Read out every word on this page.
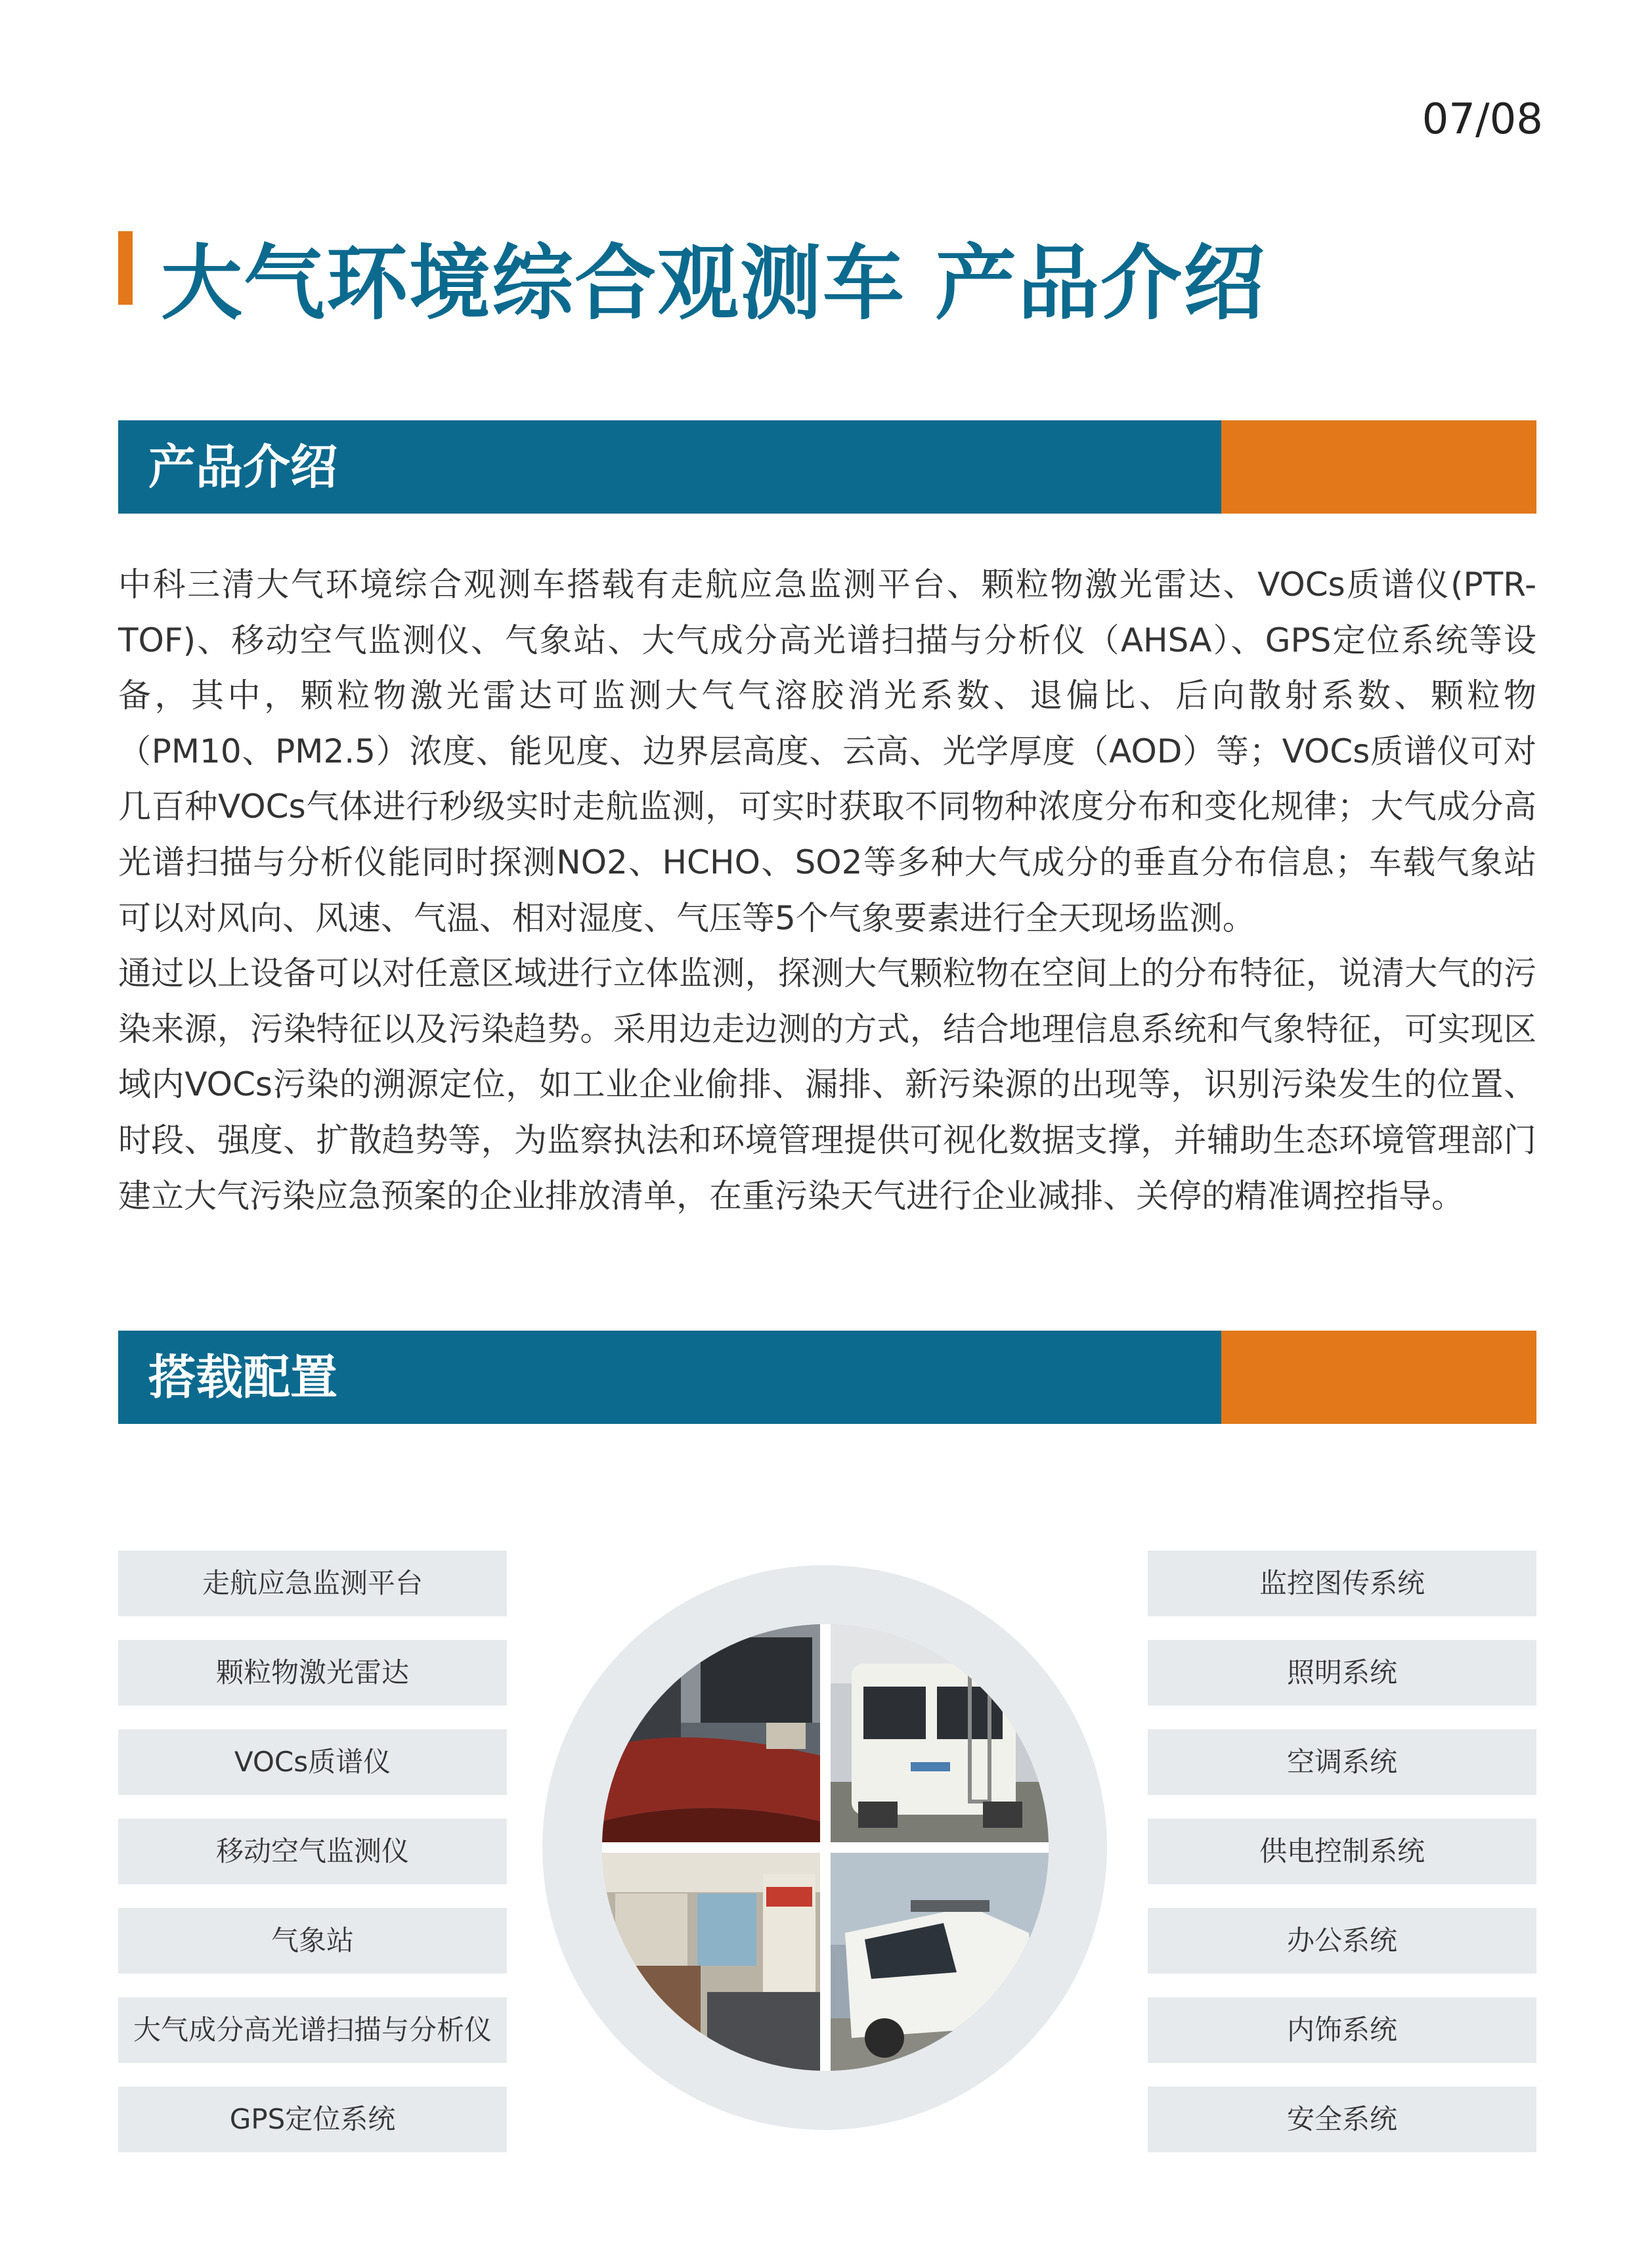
07/08
大气环境综合观测车 产品介绍
产品介绍

中科三清大气环境综合观测车搭载有走航应急监测平台、颗粒物激光雷达、VOCs质谱仪(PTR-TOF)、移动空气监测仪、气象站、大气成分高光谱扫描与分析仪（AHSA）、GPS定位系统等设备，其中，颗粒物激光雷达可监测大气气溶胶消光系数、退偏比、后向散射系数、颗粒物（PM10、PM2.5）浓度、能见度、边界层高度、云高、光学厚度（AOD）等；VOCs质谱仪可对几百种VOCs气体进行秒级实时走航监测，可实时获取不同物种浓度分布和变化规律；大气成分高光谱扫描与分析仪能同时探测NO2、HCHO、SO2等多种大气成分的垂直分布信息；车载气象站可以对风向、风速、气温、相对湿度、气压等5个气象要素进行全天现场监测。

通过以上设备可以对任意区域进行立体监测，探测大气颗粒物在空间上的分布特征，说清大气的污染来源，污染特征以及污染趋势。采用边走边测的方式，结合地理信息系统和气象特征，可实现区域内VOCs污染的溯源定位，如工业企业偷排、漏排、新污染源的出现等，识别污染发生的位置、时段、强度、扩散趋势等，为监察执法和环境管理提供可视化数据支撑，并辅助生态环境管理部门建立大气污染应急预案的企业排放清单，在重污染天气进行企业减排、关停的精准调控指导。

搭载配置
走航应急监测平台
颗粒物激光雷达
VOCs质谱仪
移动空气监测仪
气象站
大气成分高光谱扫描与分析仪
GPS定位系统
监控图传系统
照明系统
空调系统
供电控制系统
办公系统
内饰系统
安全系统
